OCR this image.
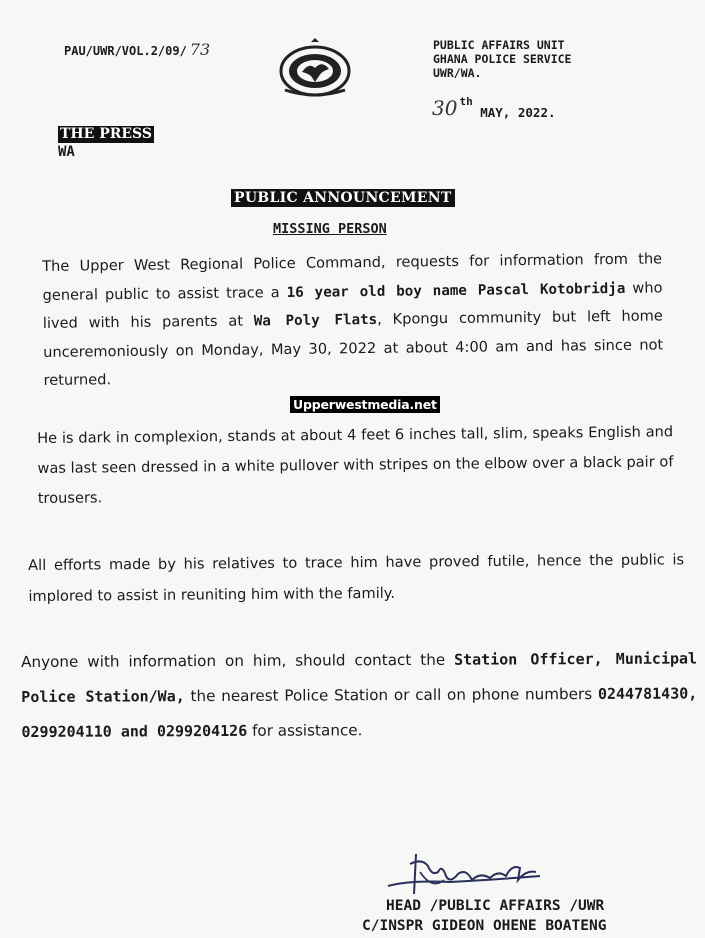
PAU/UWR/VOL.2/09/ 73	PUBLIC AFFAIRS UNIT
GHANA POLICE SERVICE
UWR/WA.
30 th

MAY, 2022.
THE PRESS
WA
PUBLIC ANNOUNCEMENT
MISSING PERSON
The Upper West Regional Police Command, requests for information from the general public to assist trace a 16 year old boy name Pascal Kotobridja who lived with his parents at Wa Poly Flats, Kpongu community but left home unceremoniously on Monday, May 30, 2022 at about 4:00 am and has since not returned.
Upperwestmedia.net
He is dark in complexion, stands at about 4 feet 6 inches tall, slim, speaks English and was last seen dressed in a white pullover with stripes on the elbow over a black pair of trousers.
All efforts made by his relatives to trace him have proved futile, hence the public is implored to assist in reuniting him with the family.
Anyone with information on him, should contact the Station Officer, Municipal Police Station/Wa, the nearest Police Station or call on phone numbers 0244781430, 0299204110 and 0299204126 for assistance.
HEAD /PUBLIC AFFAIRS /UWR
C/INSPR GIDEON OHENE BOATENG
